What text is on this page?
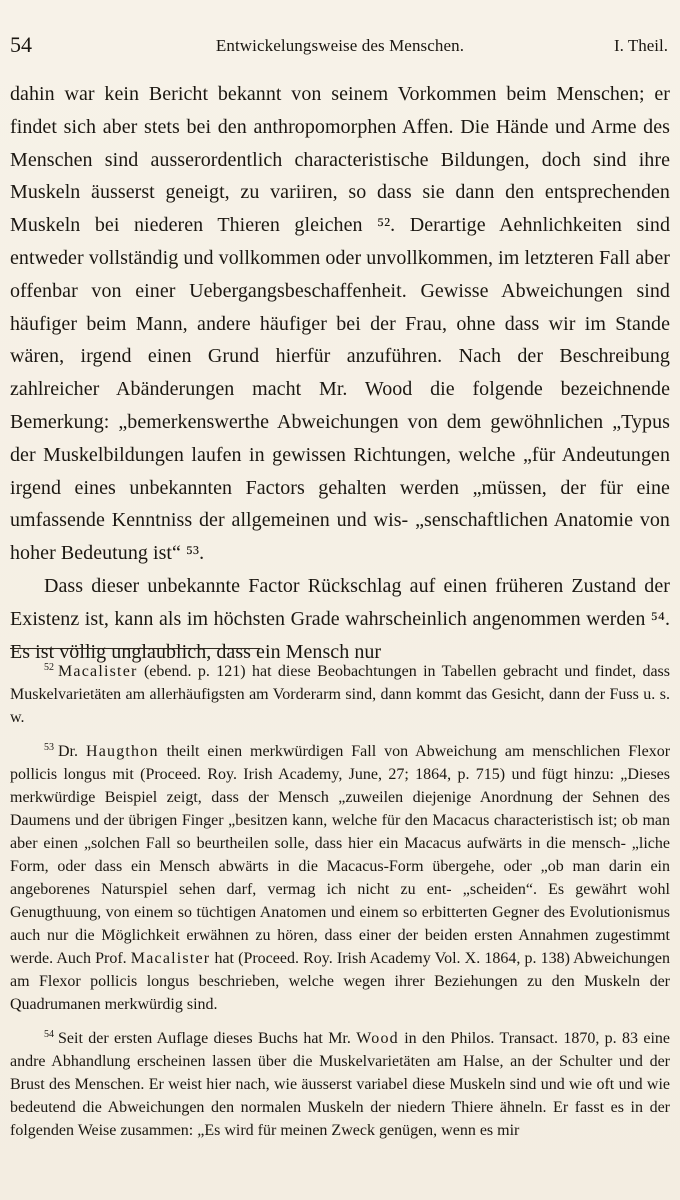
54	Entwickelungsweise des Menschen.	I. Theil.

dahin war kein Bericht bekannt von seinem Vorkommen beim Menschen; er findet sich aber stets bei den anthropomorphen Affen. Die Hände und Arme des Menschen sind ausserordentlich characteristische Bildungen, doch sind ihre Muskeln äusserst geneigt, zu variiren, so dass sie dann den entsprechenden Muskeln bei niederen Thieren gleichen ⁵². Derartige Aehnlichkeiten sind entweder vollständig und vollkommen oder unvollkommen, im letzteren Fall aber offenbar von einer Uebergangsbeschaffenheit. Gewisse Abweichungen sind häufiger beim Mann, andere häufiger bei der Frau, ohne dass wir im Stande wären, irgend einen Grund hierfür anzuführen. Nach der Beschreibung zahlreicher Abänderungen macht Mr. Wood die folgende bezeichnende Bemerkung: „bemerkenswerthe Abweichungen von dem gewöhnlichen „Typus der Muskelbildungen laufen in gewissen Richtungen, welche „für Andeutungen irgend eines unbekannten Factors gehalten werden „müssen, der für eine umfassende Kenntniss der allgemeinen und wis- „senschaftlichen Anatomie von hoher Bedeutung ist“ ⁵³.

Dass dieser unbekannte Factor Rückschlag auf einen früheren Zustand der Existenz ist, kann als im höchsten Grade wahrscheinlich angenommen werden ⁵⁴. Es ist völlig unglaublich, dass ein Mensch nur

$^{52}$ Macalister (ebend. p. 121) hat diese Beobachtungen in Tabellen gebracht und findet, dass Muskelvarietäten am allerhäufigsten am Vorderarm sind, dann kommt das Gesicht, dann der Fuss u. s. w.

$^{53}$ Dr. Haugthon theilt einen merkwürdigen Fall von Abweichung am menschlichen Flexor pollicis longus mit (Proceed. Roy. Irish Academy, June, 27; 1864, p. 715) und fügt hinzu: „Dieses merkwürdige Beispiel zeigt, dass der Mensch „zuweilen diejenige Anordnung der Sehnen des Daumens und der übrigen Finger „besitzen kann, welche für den Macacus characteristisch ist; ob man aber einen „solchen Fall so beurtheilen solle, dass hier ein Macacus aufwärts in die mensch- „liche Form, oder dass ein Mensch abwärts in die Macacus-Form übergehe, oder „ob man darin ein angeborenes Naturspiel sehen darf, vermag ich nicht zu ent- „scheiden“. Es gewährt wohl Genugthuung, von einem so tüchtigen Anatomen und einem so erbitterten Gegner des Evolutionismus auch nur die Möglichkeit erwähnen zu hören, dass einer der beiden ersten Annahmen zugestimmt werde. Auch Prof. Macalister hat (Proceed. Roy. Irish Academy Vol. X. 1864, p. 138) Abweichungen am Flexor pollicis longus beschrieben, welche wegen ihrer Beziehungen zu den Muskeln der Quadrumanen merkwürdig sind.

$^{54}$ Seit der ersten Auflage dieses Buchs hat Mr. Wood in den Philos. Transact. 1870, p. 83 eine andre Abhandlung erscheinen lassen über die Muskelvarietäten am Halse, an der Schulter und der Brust des Menschen. Er weist hier nach, wie äusserst variabel diese Muskeln sind und wie oft und wie bedeutend die Abweichungen den normalen Muskeln der niedern Thiere ähneln. Er fasst es in der folgenden Weise zusammen: „Es wird für meinen Zweck genügen, wenn es mir
